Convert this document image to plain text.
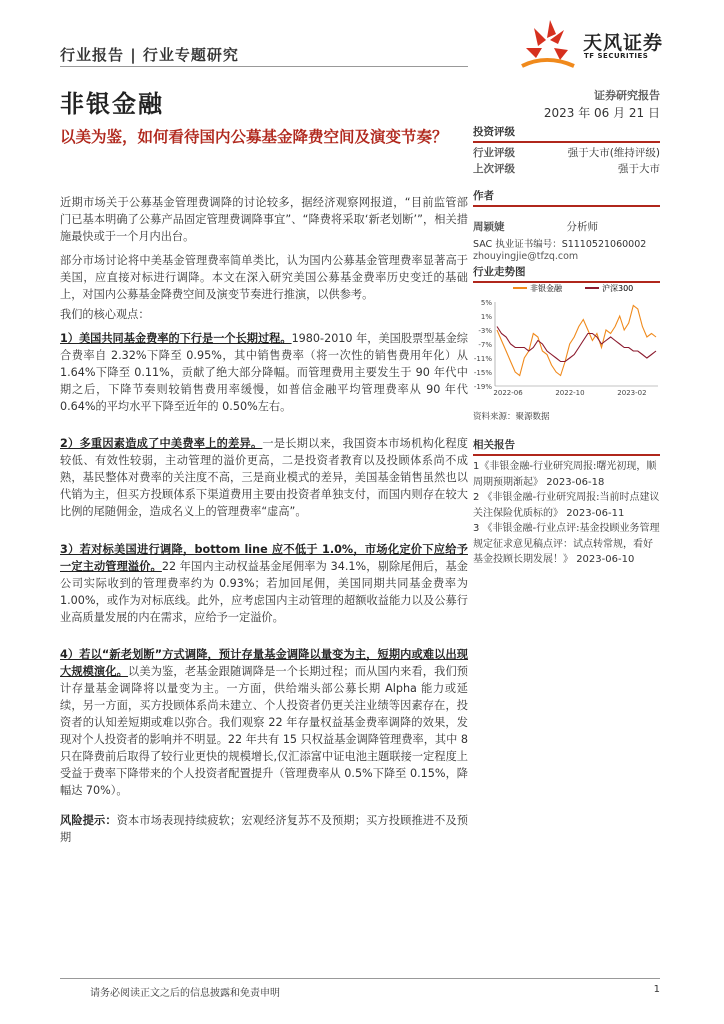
行业报告 | 行业专题研究
非银金融
以美为鉴，如何看待国内公募基金降费空间及演变节奏？
天风证券
TF SECURITIES
证券研究报告
2023 年 06 月 21 日
投资评级
行业评级	强于大市(维持评级)
上次评级	强于大市
作者
周颖婕	分析师
SAC 执业证书编号：S1110521060002
zhouyingjie@tfzq.com
行业走势图
非银金融	沪深300
5%
1%
-3%
-7%
-11%
-15%
-19%
2022-06	2022-10	2023-02
资料来源：聚源数据
相关报告
1《非银金融-行业研究周报:曙光初现，顺周期预期渐起》 2023-06-18
2 《非银金融-行业研究周报:当前时点建议关注保险优质标的》 2023-06-11
3 《非银金融-行业点评:基金投顾业务管理规定征求意见稿点评：试点转常规，看好基金投顾长期发展！》 2023-06-10

近期市场关于公募基金管理费调降的讨论较多，据经济观察网报道，“目前监管部门已基本明确了公募产品固定管理费调降事宜”、“降费将采取‘新老划断’”，相关措施最快或于一个月内出台。

部分市场讨论将中美基金管理费率简单类比，认为国内公募基金管理费率显著高于美国，应直接对标进行调降。本文在深入研究美国公募基金费率历史变迁的基础上，对国内公募基金降费空间及演变节奏进行推演，以供参考。

我们的核心观点：

1）美国共同基金费率的下行是一个长期过程。1980-2010 年，美国股票型基金综合费率自 2.32%下降至 0.95%，其中销售费率（将一次性的销售费用年化）从 1.64%下降至 0.11%，贡献了绝大部分降幅。而管理费用主要发生于 90 年代中期之后，下降节奏则较销售费用率缓慢，如普信金融平均管理费率从 90 年代 0.64%的平均水平下降至近年的 0.50%左右。

2）多重因素造成了中美费率上的差异。一是长期以来，我国资本市场机构化程度较低、有效性较弱，主动管理的溢价更高，二是投资者教育以及投顾体系尚不成熟，基民整体对费率的关注度不高，三是商业模式的差异，美国基金销售虽然也以代销为主，但买方投顾体系下渠道费用主要由投资者单独支付，而国内则存在较大比例的尾随佣金，造成名义上的管理费率“虚高”。

3）若对标美国进行调降，bottom line 应不低于 1.0%，市场化定价下应给予一定主动管理溢价。22 年国内主动权益基金尾佣率为 34.1%，剔除尾佣后，基金公司实际收到的管理费率约为 0.93%；若加回尾佣，美国同期共同基金费率为 1.00%，或作为对标底线。此外，应考虑国内主动管理的超额收益能力以及公募行业高质量发展的内在需求，应给予一定溢价。

4）若以“新老划断”方式调降，预计存量基金调降以量变为主，短期内或难以出现大规模演化。以美为鉴，老基金跟随调降是一个长期过程；而从国内来看，我们预计存量基金调降将以量变为主。一方面，供给端头部公募长期 Alpha 能力或延续，另一方面，买方投顾体系尚未建立、个人投资者仍更关注业绩等因素存在，投资者的认知差短期或难以弥合。我们观察 22 年存量权益基金费率调降的效果，发现对个人投资者的影响并不明显。22 年共有 15 只权益基金调降管理费率，其中 8 只在降费前后取得了较行业更快的规模增长,仅汇添富中证电池主题联接一定程度上受益于费率下降带来的个人投资者配置提升（管理费率从 0.5%下降至 0.15%，降幅达 70%）。

风险提示：资本市场表现持续疲软；宏观经济复苏不及预期；买方投顾推进不及预期

请务必阅读正文之后的信息披露和免责申明	1
